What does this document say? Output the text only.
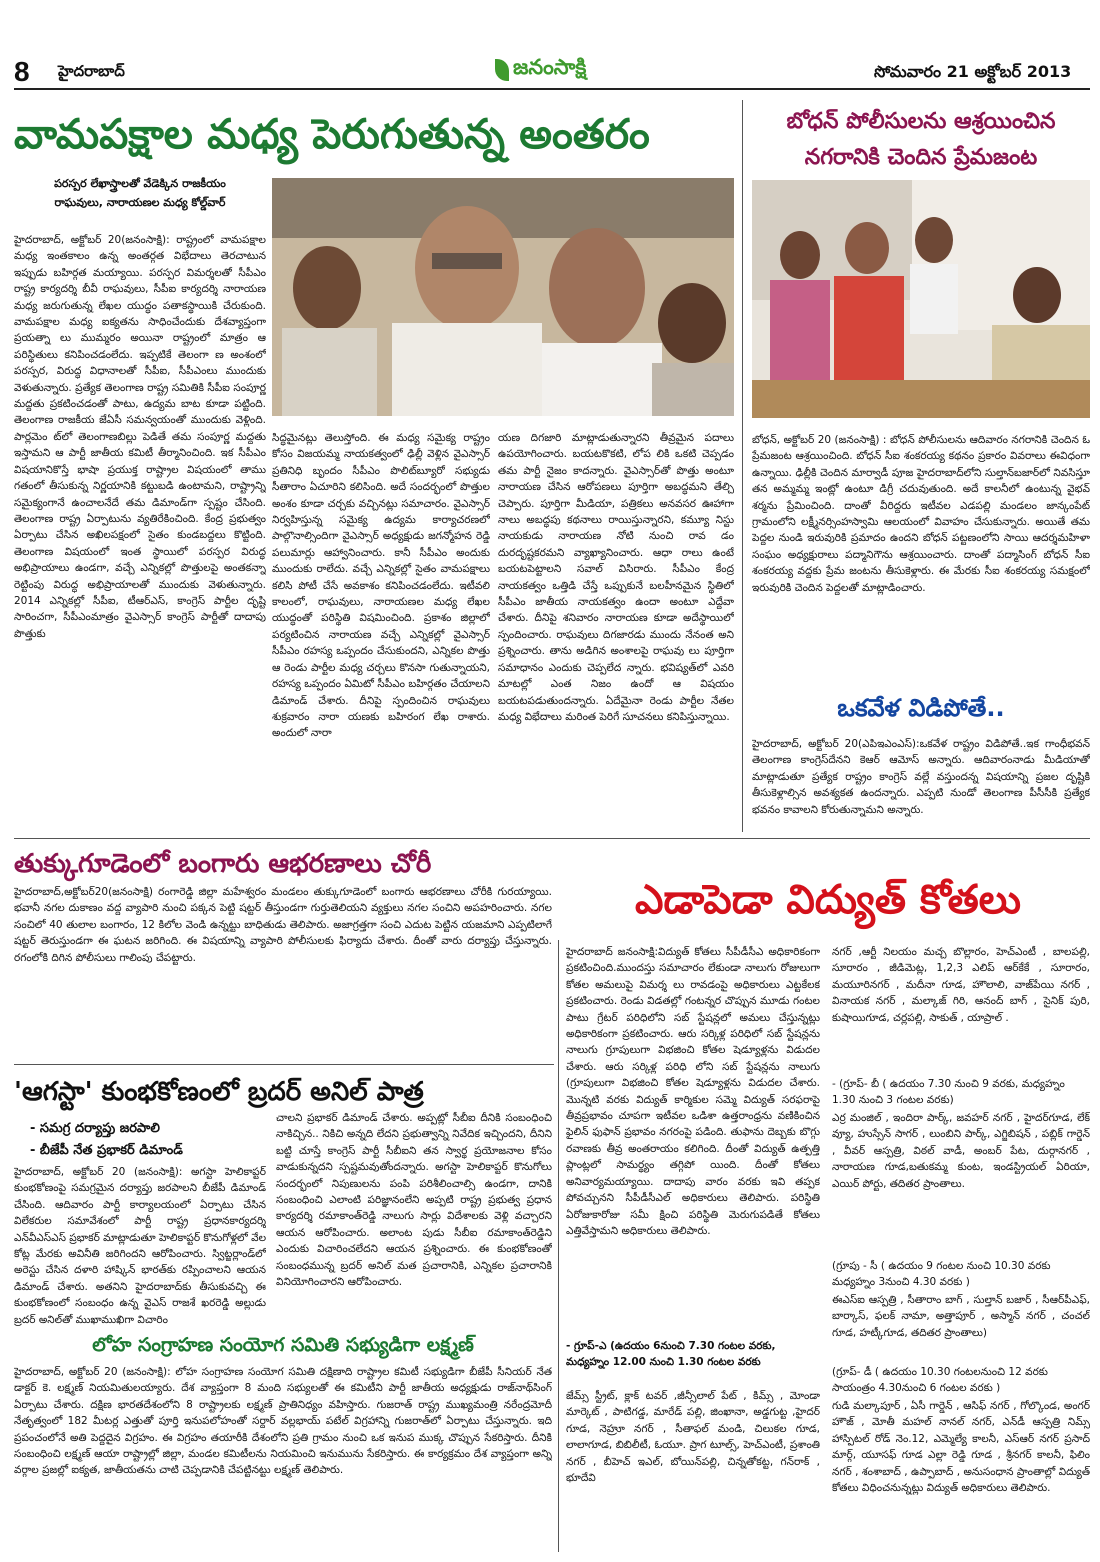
8 హైదరాబాద్	జనంసాక్షి	సోమవారం 21 అక్టోబర్ 2013
వామపక్షాల మధ్య పెరుగుతున్న అంతరం
పరస్పర లేఖాస్త్రాలతో వేడెక్కిన రాజకీయం
రాఘవులు, నారాయణల మధ్య కోల్డ్‌వార్
హైదరాబాద్, అక్టోబర్ 20(జనంసాక్షి): రాష్ట్రంలో వామపక్షాల మధ్య ఇంతకాలం ఉన్న అంతర్గత విభేదాలు తెరచాటున ఇప్పుడు బహిర్గత మయ్యాయి. పరస్పర విమర్శలతో సీపీఎం రాష్ట్ర కార్యదర్శి బీవీ రాఘవులు, సీపీఐ కార్యదర్శి నారాయణ మధ్య జరుగుతున్న లేఖల యుద్ధం పతాకస్థాయికి చేరుకుంది. వామపక్షాల మధ్య ఐక్యతను సాధించేందుకు దేశవ్యాప్తంగా ప్రయత్నా లు ముమ్మరం అయినా రాష్ట్రంలో మాత్రం ఆ పరిస్థితులు కనిపించడంలేదు. ఇప్పటికే తెలంగా ణ అంశంలో పరస్పర, విరుద్ధ విధానాలతో సీపీఐ, సీపీఎంలు ముందుకు వెళుతున్నారు. ప్రత్యేక తెలంగాణ రాష్ట్ర సమితికి సీపీఐ సంపూర్ణ మద్దతు ప్రకటించడంతో పాటు, ఉద్యమ బాట కూడా పట్టింది. తెలంగాణ రాజకీయ జేఏసీ సమన్వయంతో ముందుకు వెళ్లింది. పార్లమెం ట్‌లో తెలంగాణబిల్లు పెడితే తమ సంపూర్ణ మద్దతు ఇస్తామని ఆ పార్టీ జాతీయ కమిటీ తీర్మానించింది. ఇక సీపీఎం విషయానికొస్తే భాషా ప్రయుక్త రాష్ట్రాల విషయంలో తాము గతంలో తీసుకున్న నిర్ణయానికి కట్టుబడి ఉంటామని, రాష్ట్రాన్ని సమైక్యంగానే ఉంచాలనేదే తమ డిమాండ్‌గా స్పష్టం చేసింది. తెలంగాణ రాష్ట్ర ఏర్పాటును వ్యతిరేకించింది. కేంద్ర ప్రభుత్వం ఏర్పాటు చేసిన అఖిలపక్షంలో సైతం కుండబద్దలు కొట్టింది. తెలంగాణ విషయంలో ఇంత స్థాయిలో పరస్పర విరుద్ధ అభిప్రాయాలు ఉండగా, వచ్చే ఎన్నికల్లో పొత్తులపై అంతకన్నా రెట్టింపు విరుద్ధ అభిప్రాయాలతో ముందుకు వెళుతున్నారు. 2014 ఎన్నికల్లో సీపీఐ, టీఆర్‌ఎస్, కాంగ్రెస్ పార్టీల దృష్టి సారించగా, సీపీఎంమాత్రం వైఎస్సార్ కాంగ్రెస్ పార్టీతో దాదాపు పొత్తుకు
సిద్ధమైనట్లు తెలుస్తోంది. ఈ మధ్య సమైక్య రాష్ట్రం కోసం విజయమ్మ నాయకత్వంలో ఢిల్లీ వెళ్లిన వైఎస్సార్ ప్రతినిధి బృందం సీపీఎం పొలిట్‌బ్యూరో సభ్యుడు సీతారాం ఏచూరిని కలిసింది. అదే సందర్భంలో పొత్తుల అంశం కూడా చర్చకు వచ్చినట్లు సమాచారం. వైఎస్సార్ నిర్వహిస్తున్న సమైక్య ఉద్యమ కార్యాచరణలో పాల్గొనాల్సిందిగా వైఎస్సార్ అధ్యక్షుడు జగన్మోహన రెడ్డి పలుమార్లు ఆహ్వానించారు. కానీ సీపీఎం అందుకు ముందుకు రాలేదు. వచ్చే ఎన్నికల్లో సైతం వామపక్షాలు కలిసి పోటీ చేసే అవకాశం కనిపించడంలేదు. ఇటీవలి కాలంలో, రాఘవులు, నారాయణల మధ్య లేఖల యుద్ధంతో పరిస్థితి విషమించింది. ప్రకాశం జిల్లాలో పర్యటించిన నారాయణ వచ్చే ఎన్నికల్లో వైఎస్సార్ సీపీఎం రహస్య ఒప్పందం చేసుకుందని, ఎన్నికల పొత్తు ఆ రెండు పార్టీల మధ్య చర్చలు కొనసా గుతున్నాయని, రహస్య ఒప్పందం ఏమిటో సీపీఎం బహిర్గతం చేయాలని డిమాండ్ చేశారు. దీనిపై స్పందించిన రాఘవులు శుక్రవారం నారా యణకు బహిరంగ లేఖ రాశారు. అందులో నారా
యణ దిగజారి మాట్లాడుతున్నారని తీవ్రమైన పదాలు ఉపయోగించారు. బయటకొకటి, లోప లికి ఒకటి చెప్పడం తమ పార్టీ నైజం కాదన్నారు. వైఎస్సార్‌తో పొత్తు అంటూ నారాయణ చేసిన ఆరోపణలు పూర్తిగా అబద్ధమని తేల్చి చెప్పారు. పూర్తిగా మీడియా, పత్రికలు అనవసర ఊహాగా నాలు అబద్ధపు కథనాలు రాయిస్తున్నారని, కమ్యూ నిస్టు నాయకుడు నారాయణ నోటి నుంచి రావ డం దురదృష్టకరమని వ్యాఖ్యానించారు. ఆధా రాలు ఉంటే బయటపెట్టాలని సవాల్ విసిరారు. సీపీఎం కేంద్ర నాయకత్వం ఒత్తిడి చేస్తే ఒప్పుకునే బలహీనమైన స్థితిలో సీపీఎం జాతీయ నాయకత్వం ఉందా అంటూ ఎద్దేవా చేశారు. దీనిపై శనివారం నారాయణ కూడా అదేస్థాయిలో స్పందించారు. రాఘవులు దిగజారడు ముందు నేనంత అని ప్రశ్నించారు. తాను అడిగిన అంశాలపై రాఘవు లు పూర్తిగా సమాధానం ఎందుకు చెప్పలేద న్నారు. భవిష్యత్‌లో ఎవరి మాటల్లో ఎంత నిజం ఉందో ఆ విషయం బయటపడుతుందన్నారు. ఏదేమైనా రెండు పార్టీల నేతల మధ్య విభేదాలు మరింత పెరిగే సూచనలు కనిపిస్తున్నాయి.
బోధన్ పోలీసులను ఆశ్రయించిన
నగరానికి చెందిన ప్రేమజంట
బోధన్, అక్టోబర్ 20 (జనంసాక్షి) : బోధన్ పోలీసులను ఆదివారం నగరానికి చెందిన ఓ ప్రేమజంట ఆశ్రయించింది. బోధన్ సీఐ శంకరయ్య కథనం ప్రకారం వివరాలు ఈవిధంగా ఉన్నాయి. ఢిల్లీకి చెందిన మార్వాడీ పూజ హైదరాబాద్‌లోని సుల్తాన్‌బజార్‌లో నివసిస్తూ తన అమ్మమ్మ ఇంట్లో ఉంటూ డిగ్రీ చదువుతుంది. అదే కాలనీలో ఉంటున్న వైభవ్ శర్మను ప్రేమించింది. దాంతో వీరిద్దరు ఇటీవల ఎడపల్లి మండలం జాన్కంపేట్ గ్రామంలోని లక్ష్మీనర్సింహస్వామి ఆలయంలో వివాహం చేసుకున్నారు. అయితే తమ పెద్దల నుండి ఇరువురికి ప్రమాదం ఉందని బోధన్ పట్టణంలోని సాయి ఆదర్శమహిళా సంఘం అధ్యక్షురాలు పద్మానిగౌను ఆశ్రయించారు. దాంతో పద్మాసింగ్ బోధన్ సీఐ శంకరయ్య వద్దకు ప్రేమ జంటను తీసుకెళ్లారు. ఈ మేరకు సీఐ శంకరయ్య సమక్షంలో ఇరువురికి చెందిన పెద్దలతో మాట్లాడించారు.
ఒకవేళ విడిపోతే..
హైదరాబాద్, అక్టోబర్ 20(ఎపిఇఎంఎస్):ఒకవేళ రాష్ట్రం విడిపోతే..ఇక గాంధీభవన్ తెలంగాణ కాంగ్రెస్‌దేనని కెఆర్ ఆమోస్ అన్నారు. ఆదివారంనాడు మీడియాతో మాట్లాడుతూ ప్రత్యేక రాష్ట్రం కాంగ్రెస్ వల్లే వస్తుందన్న విషయాన్ని ప్రజల దృష్టికి తీసుకెళ్లాల్సిన అవశ్యకత ఉందన్నారు. ఎప్పటి నుండో తెలంగాణ పీసీసీకి ప్రత్యేక భవనం కావాలని కోరుతున్నామని అన్నారు.
తుక్కుగూడెంలో బంగారు ఆభరణాలు చోరీ
హైదరాబాద్,అక్టోబర్20(జనంసాక్షి) రంగారెడ్డి జిల్లా మహేశ్వరం మండలం తుక్కుగూడెంలో బంగారు ఆభరణాలు చోరీకి గురయ్యాయి. భవానీ నగల దుకాణం వద్ద వ్యాపారి నుంచి పక్కన పెట్టి షట్టర్ తీస్తుండగా గుర్తుతెలియని వ్యక్తులు నగల సంచిని అపహరించారు. నగల సంచిలో 40 తులాల బంగారం, 12 కిలోల వెండి ఉన్నట్టు బాధితుడు తెలిపారు. అజాగ్రత్తగా సంచి ఎదుట పెట్టిన యజమాని ఎప్పటిలాగే షట్టర్ తెరుస్తుండగా ఈ ఘటన జరిగింది. ఈ విషయాన్ని వ్యాపారి పోలీసులకు ఫిర్యాదు చేశారు. దీంతో వారు దర్యాప్తు చేస్తున్నారు. రగంలోకి దిగిన పోలీసులు గాలింపు చేపట్టారు.
ఎడాపెడా విద్యుత్ కోతలు
'ఆగస్టా' కుంభకోణంలో బ్రదర్ అనిల్ పాత్ర
- సమగ్ర దర్యాప్తు జరపాలి
- బీజేపీ నేత ప్రభాకర్ డిమాండ్
హైదరాబాద్, అక్టోబర్ 20 (జనంసాక్షి): అగస్టా హెలికాప్టర్ కుంభకోణంపై సమగ్రమైన దర్యాప్తు జరపాలని బీజేపీ డిమాండ్ చేసింది. ఆదివారం పార్టీ కార్యాలయంలో ఏర్పాటు చేసిన విలేకరుల సమావేశంలో పార్టీ రాష్ట్ర ప్రధానకార్యదర్శి ఎన్‌వీఎస్‌ఎస్ ప్రభాకర్ మాట్లాడుతూ హెలికాప్టర్ కొనుగోళ్లలో వేల కోట్ల మేరకు అవినీతి జరిగిందని ఆరోపించారు. స్విట్జర్లాండ్‌లో అరెస్టు చేసిన దళారి హాష్కిన్ భారత్‌కు రప్పించాలని ఆయన డిమాండ్ చేశారు. అతనిని హైదరాబాద్‌కు తీసుకువచ్చి ఈ కుంభకోణంలో సంబంధం ఉన్న వైఎస్ రాజశే ఖరరెడ్డి అల్లుడు బ్రదర్ అనిల్‌తో ముఖాముఖిగా విచారిం
చాలని ప్రభాకర్ డిమాండ్ చేశారు. అప్పట్లో సీబీఐ దీనికి సంబంధించి నాకిచ్చిన.. నికిచి అన్నది లేదని ప్రభుత్వాన్ని నివేదిక ఇచ్చిందని, దీనిని బట్టి చూస్తే కాంగ్రెస్ పార్టీ సీబీఐని తన స్వార్థ ప్రయోజనాల కోసం వాడుకున్నదని స్పష్టమవుతోందన్నారు. అగస్టా హెలికాప్టర్ కొనుగోలు సందర్భంలో నిపుణులను పంపి పరిశీలించాల్సి ఉండగా, దానికి సంబంధించి ఎలాంటి పరిజ్ఞానంలేని అప్పటి రాష్ట్ర ప్రభుత్వ ప్రధాన కార్యదర్శి రమాకాంత్‌రెడ్డి నాలుగు సార్లు విదేశాలకు వెళ్లి వచ్చారని ఆయన ఆరోపించారు. అలాంట పుడు సీబీఐ రమాకాంత్‌రెడ్డిని ఎందుకు విచారించలేదని ఆయన ప్రశ్నించారు. ఈ కుంభకోణంతో సంబంధమున్న బ్రదర్ అనిల్ మత ప్రచారానికి, ఎన్నికల ప్రచారానికి వినియోగించారని ఆరోపించారు.
లోహ సంగ్రాహణ సంయోగ సమితి సభ్యుడిగా లక్ష్మణ్
హైదరాబాద్, అక్టోబర్ 20 (జనంసాక్షి): లోహ సంగ్రాహణ సంయోగ సమితి దక్షిణాది రాష్ట్రాల కమిటీ సభ్యుడిగా బీజేపీ సీనియర్ నేత డాక్టర్ కె. లక్ష్మణ్ నియమితులయ్యారు. దేశ వ్యాప్తంగా 8 మంది సభ్యులతో ఈ కమిటీని పార్టీ జాతీయ అధ్యక్షుడు రాజ్‌నాథ్‌సింగ్ ఏర్పాటు చేశారు. దక్షిణ భారతదేశంలోని 8 రాష్ట్రాలకు లక్ష్మణ్ ప్రాతినిధ్యం వహిస్తారు. గుజరాత్ రాష్ట్ర ముఖ్యమంత్రి నరేంద్రమోదీ నేతృత్వంలో 182 మీటర్ల ఎత్తుతో పూర్తి ఇనుపలోహంతో సర్దార్ వల్లభాయ్ పటేల్ విగ్రహాన్ని గుజరాత్‌లో ఏర్పాటు చేస్తున్నారు. ఇది ప్రపంచంలోనే అతి పెద్దదైన విగ్రహం. ఈ విగ్రహం తయారీకి దేశంలోని ప్రతి గ్రామం నుంచి ఒక ఇనుప ముక్క చొప్పున సేకరిస్తారు. దీనికి సంబంధించి లక్ష్మణ్ ఆయా రాష్ట్రాల్లో జిల్లా, మండల కమిటీలను నియమించి ఇనుమును సేకరిస్తారు. ఈ కార్యక్రమం దేశ వ్యాప్తంగా అన్ని వర్గాల ప్రజల్లో ఐక్యత, జాతీయతను చాటి చెప్పడానికి చేపట్టినట్టు లక్ష్మణ్ తెలిపారు.
హైదరాబాద్ జనంసాక్షి:విద్యుత్ కోతలు సీపీడీసీఎ అధికారికంగా ప్రకటించింది.ముందస్తు సమాచారం లేకుండా నాలుగు రోజులుగా కోతల అమలుపై విమర్శ లు రావడంపై అధికారులు ఎట్టకేలక ప్రకటించారు. రెండు విడతల్లో గంటన్నర చొప్పున మూడు గంటల పాటు గ్రేటర్ పరిధిలోని సబ్ స్టేషన్లలో అమలు చేస్తున్నట్లు అధికారికంగా ప్రకటించారు. ఆరు సర్కిళ్ల పరిధిలో సబ్ స్టేషన్లను నాలుగు గ్రూపులుగా విభజించి కోతల షెడ్యూళ్లను విడుదల చేశారు. ఆరు సర్కిళ్ల పరిధి లోని సబ్ స్టేషన్లను నాలుగు (గ్రూపులుగా విభజించి కోతల షెడ్యూళ్లను విడుదల చేశారు. మొన్నటి వరకు విద్యుత్ కార్మికుల సమ్మె విద్యుత్ సరఫరాపై తీవ్రప్రభావం చూపగా ఇటీవల ఒడిశా ఉత్తరాంధ్రను వణికించిన ఫైలిన్ ఫుఫాన్ ప్రభావం నగరంపై పడింది. తుఫాను దెబ్బకు బొగ్గు రవాణకు తీవ్ర అంతరాయం కలిగింది. దీంతో విద్యుత్ ఉత్పత్తి ప్లాంట్లలో సామర్థ్యం తగ్గిపో యింది. దీంతో కోతలు అనివార్యమయ్యాయి. దాదాపు వారం వరకు ఇవి తప్పక పోవచ్చునని సీపీడీసీఎల్ అధికారులు తెలిపారు. పరిస్థితి ఏరోజుకారోజు సమీ క్షించి పరిస్థితి మెరుగుపడితే కోతలు ఎత్తివేస్తామని అధికారులు తెలిపారు.
- గ్రూప్-ఎ (ఉదయం 6నుంచి 7.30 గంటల వరకు, మధ్యహ్నం 12.00 నుంచి 1.30 గంటల వరకు
జేమ్స్ స్ట్రీట్, క్లాక్ టవర్ ,జీన్సీలాల్ పేట్ , కిమ్స్ , మోండా మార్కెట్ , పాటిగడ్డ, మారేడ్ పల్లి, జింఖానా, అడ్డగుట్ట ,హైదర్ గూడ, నెహ్రూ నగర్ , సీతాఫల్ మండి, చిలుకల గూడ, లాలాగూడ, బిబిలీటీ, ఓయూ. ప్రాగ టూల్స్, హెచ్ఎంటీ, ప్రశాంతి నగర్ , బీహెచ్ ఇఎల్, బోయిన్‌పల్లి, చిన్నతోకట్ట, గన్‌రాక్ , భూదేవి
నగర్ ,ఆర్టీ నిలయం మచ్చ బొల్లారం, హెచ్‌ఎంటీ , బాలపల్లి, సూరారం , జీడిమెట్ల, 1,2,3 ఎలిప్ ఆర్‌కేకే , సూరారం, మయూరినగర్ , మదీనా గూడ, హౌలాలి, వాజ్‌పేయి నగర్ , వినాయక నగర్ , మల్కాజ్ గిరి, ఆనంద్ బాగ్ , సైనిక్ పురి, కుషాయిగూడ, చర్లపల్లి, సాకుత్ , యాప్రాల్ .
- (గ్రూప్- బీ ( ఉదయం 7.30 నుంచి 9 వరకు, మధ్యహ్నం 1.30 నుంచి 3 గంటల వరకు)
ఎర్ర మంజిల్ , ఇందిరా పార్క్, జవహర్ నగర్ , హైదర్‌గూడ, లేక్ వ్యూ, హుస్సేన్ సాగర్ , లుంబిని పార్క్, ఎగ్జిబిషన్ , పబ్లిక్ గార్డెన్ , వీవర్ ఆస్పత్రి, విఠల్ వాడీ, అంబర్ పేట, దుర్గానగర్ , నారాయణ గూడ,బతుకమ్మ కుంట, ఇండస్ట్రియల్ ఏరియా, ఎయిర్ పోర్టు, తదితర ప్రాంతాలు.
(గ్రూపు - సీ ( ఉదయం 9 గంటల నుంచి 10.30 వరకు మధ్యహ్నం 3నుంచి 4.30 వరకు )
ఈఎస్ఐ ఆస్పత్రి , సీతారాం బాగ్ , సుల్తాన్ బజార్ , సీఆర్‌పీఎఫ్, బార్కాస్, ఫలక్ నామా, అత్తాపూర్ , అస్మాన్ నగర్ , చంచల్ గూడ, హట్కీగూడ, తదితర ప్రాంతాలు)
(గ్రూప్- డీ ( ఉదయం 10.30 గంటలనుంచి 12 వరకు సాయంత్రం 4.30నుంచి 6 గంటల వరకు )
గుడి మల్కాపూర్ , ఏసీ గార్డెన్ , ఆసిఫ్ నగర్ , గోల్కొండ, అంగర్ హౌజ్ , మోతీ మహల్ నానల్ నగర్, ఎన్‌డీ ఆస్పత్రి నిమ్స్ హాస్పిటల్ రోడ్ నెం.12, ఎమ్మెల్యే కాలనీ, ఎస్ఆర్ నగర్ ప్రసాద్ మార్గ్, యూసఫ్ గూడ ఎల్లా రెడ్డి గూడ , శ్రీనగర్ కాలనీ, ఫిలిం నగర్ , శంశాబాద్ , ఉప్పాబాద్ , అనుసంధాన ప్రాంతాల్లో విద్యుత్ కోతలు విధించనున్నట్లు విద్యుత్ అధికారులు తెలిపారు.
